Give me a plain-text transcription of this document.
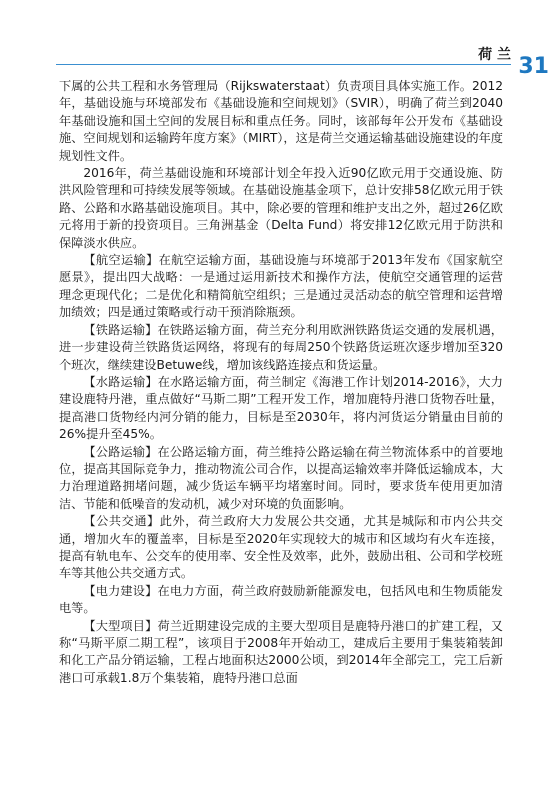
荷 兰 31

下属的公共工程和水务管理局（Rijkswaterstaat）负责项目具体实施工作。2012年，基础设施与环境部发布《基础设施和空间规划》（SVIR），明确了荷兰到2040年基础设施和国土空间的发展目标和重点任务。同时，该部每年公开发布《基础设施、空间规划和运输跨年度方案》（MIRT），这是荷兰交通运输基础设施建设的年度规划性文件。

2016年，荷兰基础设施和环境部计划全年投入近90亿欧元用于交通设施、防洪风险管理和可持续发展等领域。在基础设施基金项下，总计安排58亿欧元用于铁路、公路和水路基础设施项目。其中，除必要的管理和维护支出之外，超过26亿欧元将用于新的投资项目。三角洲基金（Delta Fund）将安排12亿欧元用于防洪和保障淡水供应。

【航空运输】在航空运输方面，基础设施与环境部于2013年发布《国家航空愿景》，提出四大战略：一是通过运用新技术和操作方法，使航空交通管理的运营理念更现代化；二是优化和精简航空组织；三是通过灵活动态的航空管理和运营增加绩效；四是通过策略或行动干预消除瓶颈。

【铁路运输】在铁路运输方面，荷兰充分利用欧洲铁路货运交通的发展机遇，进一步建设荷兰铁路货运网络，将现有的每周250个铁路货运班次逐步增加至320个班次，继续建设Betuwe线，增加该线路连接点和货运量。

【水路运输】在水路运输方面，荷兰制定《海港工作计划2014-2016》，大力建设鹿特丹港，重点做好“马斯二期”工程开发工作，增加鹿特丹港口货物吞吐量，提高港口货物经内河分销的能力，目标是至2030年，将内河货运分销量由目前的26%提升至45%。

【公路运输】在公路运输方面，荷兰维持公路运输在荷兰物流体系中的首要地位，提高其国际竞争力，推动物流公司合作，以提高运输效率并降低运输成本，大力治理道路拥堵问题，减少货运车辆平均堵塞时间。同时，要求货车使用更加清洁、节能和低噪音的发动机，减少对环境的负面影响。

【公共交通】此外，荷兰政府大力发展公共交通，尤其是城际和市内公共交通，增加火车的覆盖率，目标是至2020年实现较大的城市和区域均有火车连接，提高有轨电车、公交车的使用率、安全性及效率，此外，鼓励出租、公司和学校班车等其他公共交通方式。

【电力建设】在电力方面，荷兰政府鼓励新能源发电，包括风电和生物质能发电等。

【大型项目】荷兰近期建设完成的主要大型项目是鹿特丹港口的扩建工程，又称“马斯平原二期工程”，该项目于2008年开始动工，建成后主要用于集装箱装卸和化工产品分销运输，工程占地面积达2000公顷，到2014年全部完工，完工后新港口可承载1.8万个集装箱，鹿特丹港口总面
